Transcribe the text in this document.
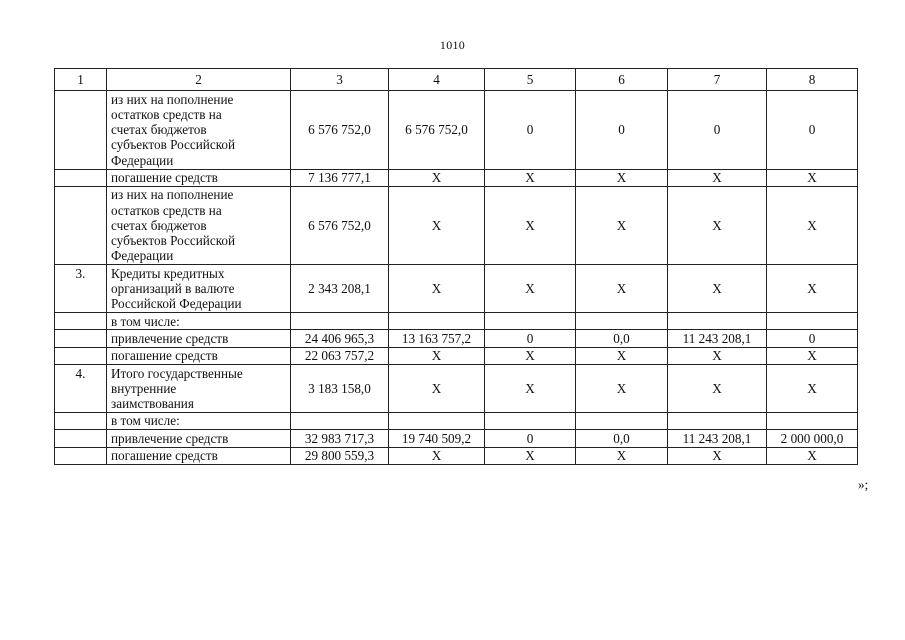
1010
1	2	3	4	5	6	7	8
	из них на пополнение
остатков средств на
счетах бюджетов
субъектов Российской
Федерации	6 576 752,0	6 576 752,0	0	0	0	0
	погашение средств	7 136 777,1	Х	Х	Х	Х	Х
	из них на пополнение
остатков средств на
счетах бюджетов
субъектов Российской
Федерации	6 576 752,0	Х	Х	Х	Х	Х
3.	Кредиты кредитных
организаций в валюте
Российской Федерации	2 343 208,1	Х	Х	Х	Х	Х
	в том числе:						
	привлечение средств	24 406 965,3	13 163 757,2	0	0,0	11 243 208,1	0
	погашение средств	22 063 757,2	Х	Х	Х	Х	Х
4.	Итого государственные
внутренние
заимствования	3 183 158,0	Х	Х	Х	Х	Х
	в том числе:						
	привлечение средств	32 983 717,3	19 740 509,2	0	0,0	11 243 208,1	2 000 000,0
	погашение средств	29 800 559,3	Х	Х	Х	Х	Х
»;
